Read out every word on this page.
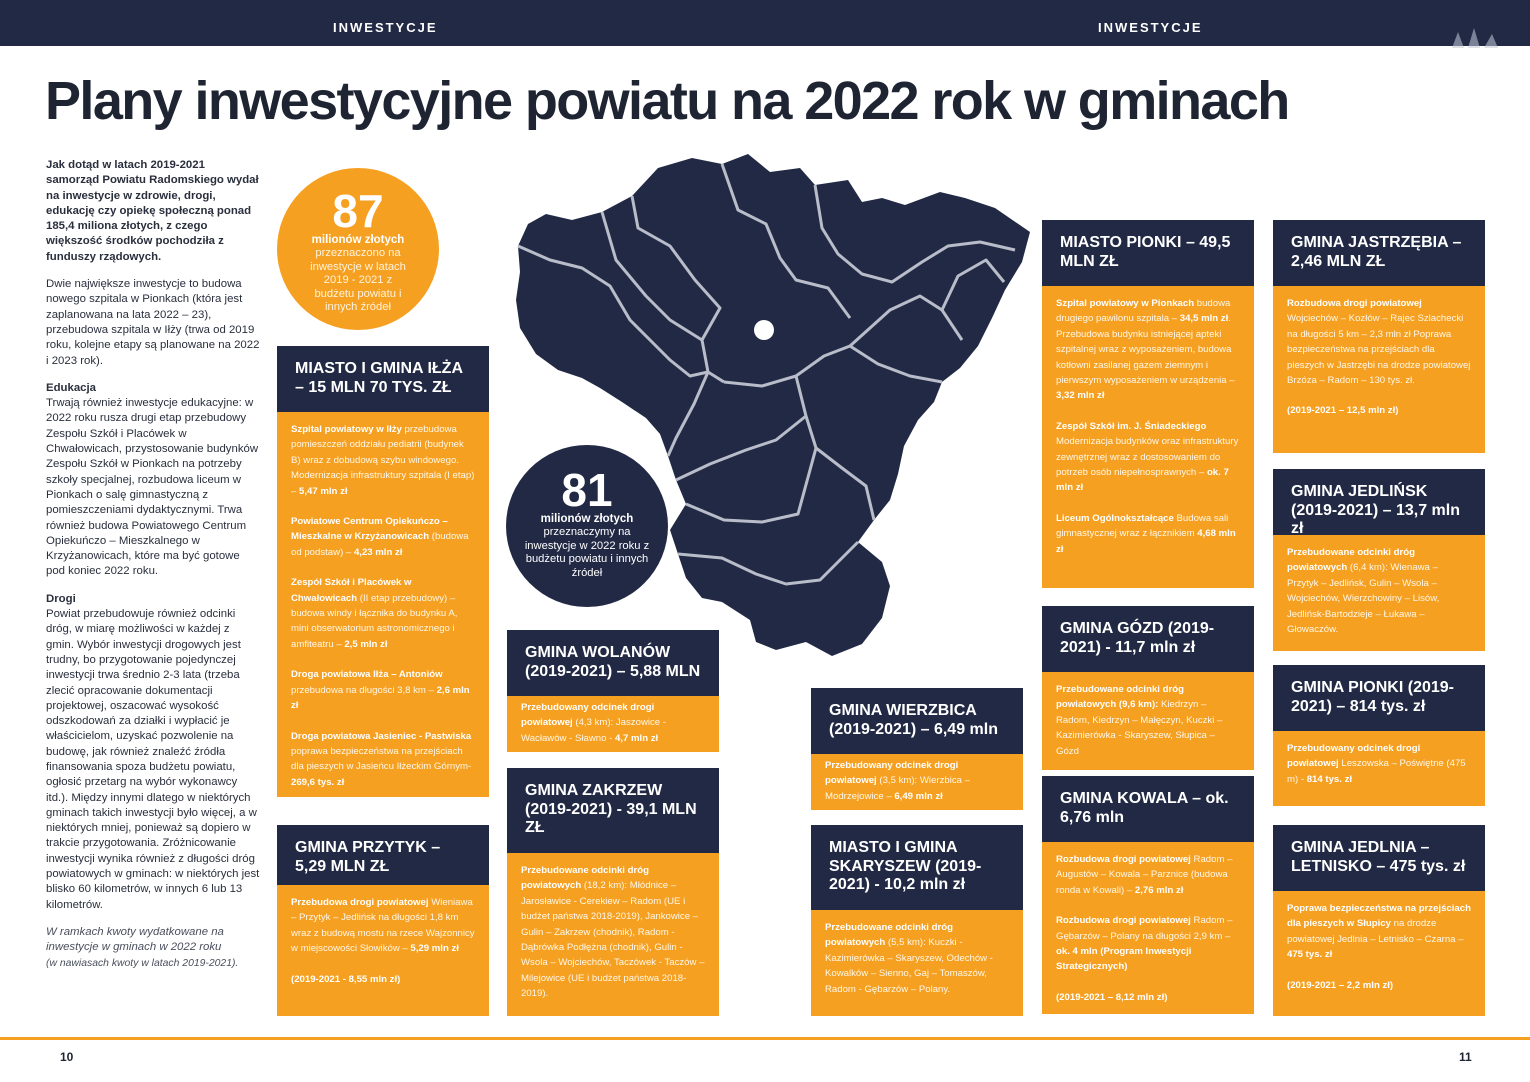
INWESTYCJE	INWESTYCJE
Plany inwestycyjne powiatu na 2022 rok w gminach

Jak dotąd w latach 2019-2021 samorząd Powiatu Radomskiego wydał na inwestycje w zdrowie, drogi, edukację czy opiekę społeczną ponad 185,4 miliona złotych, z czego większość środków pochodziła z funduszy rządowych.

Dwie największe inwestycje to budowa nowego szpitala w Pionkach (która jest zaplanowana na lata 2022 – 23), przebudowa szpitala w Iłży (trwa od 2019 roku, kolejne etapy są planowane na 2022 i 2023 rok).

Edukacja

Trwają również inwestycje edukacyjne: w 2022 roku rusza drugi etap przebudowy Zespołu Szkół i Placówek w Chwałowicach, przystosowanie budynków Zespołu Szkół w Pionkach na potrzeby szkoły specjalnej, rozbudowa liceum w Pionkach o salę gimnastyczną z pomieszczeniami dydaktycznymi. Trwa również budowa Powiatowego Centrum Opiekuńczo – Mieszkalnego w Krzyżanowicach, które ma być gotowe pod koniec 2022 roku.

Drogi

Powiat przebudowuje również odcinki dróg, w miarę możliwości w każdej z gmin. Wybór inwestycji drogowych jest trudny, bo przygotowanie pojedynczej inwestycji trwa średnio 2-3 lata (trzeba zlecić opracowanie dokumentacji projektowej, oszacować wysokość odszkodowań za działki i wypłacić je właścicielom, uzyskać pozwolenie na budowę, jak również znaleźć źródła finansowania spoza budżetu powiatu, ogłosić przetarg na wybór wykonawcy itd.). Między innymi dlatego w niektórych gminach takich inwestycji było więcej, a w niektórych mniej, ponieważ są dopiero w trakcie przygotowania. Zróżnicowanie inwestycji wynika również z długości dróg powiatowych w gminach: w niektórych jest blisko 60 kilometrów, w innych 6 lub 13 kilometrów.

W ramkach kwoty wydatkowane na inwestycje w gminach w 2022 roku

(w nawiasach kwoty w latach 2019-2021).

87
milionów złotych
przeznaczono na inwestycje w latach 2019 - 2021 z budżetu powiatu i innych źródeł
81
milionów złotych
przeznaczymy na inwestycje w 2022 roku z budżetu powiatu i innych źródeł
MIASTO I GMINA IŁŻA – 15 MLN 70 TYS. ZŁ

Szpital powiatowy w Iłży przebudowa pomieszczeń oddziału pediatrii (budynek B) wraz z dobudową szybu windowego. Modernizacja infrastruktury szpitala (I etap) – 5,47 mln zł

Powiatowe Centrum Opiekuńczo – Mieszkalne w Krzyżanowicach (budowa od podstaw) – 4,23 mln zł

Zespół Szkół i Placówek w Chwałowicach (II etap przebudowy) – budowa windy i łącznika do budynku A, mini obserwatorium astronomicznego i amfiteatru – 2,5 mln zł

Droga powiatowa Iłża – Antoniów przebudowa na długości 3,8 km – 2,6 mln zł

Droga powiatowa Jasieniec - Pastwiska poprawa bezpieczeństwa na przejściach dla pieszych w Jasieńcu Iłżeckim Górnym- 269,6 tys. zł

GMINA PRZYTYK – 5,29 MLN ZŁ

Przebudowa drogi powiatowej Wieniawa – Przytyk – Jedlińsk na długości 1,8 km wraz z budową mostu na rzece Wajzonnicy w miejscowości Słowików – 5,29 mln zł

(2019-2021 - 8,55 mln zł)

GMINA WOLANÓW (2019-2021) – 5,88 MLN

Przebudowany odcinek drogi powiatowej (4,3 km): Jaszowice - Wacławów - Sławno - 4,7 mln zł

GMINA ZAKRZEW (2019-2021) - 39,1 MLN ZŁ

Przebudowane odcinki dróg powiatowych (18,2 km): Młódnice – Jarosławice - Cerekiew – Radom (UE i budżet państwa 2018-2019), Jankowice – Gulin – Zakrzew (chodnik), Radom - Dąbrówka Podłężna (chodnik), Gulin - Wsola – Wojciechów, Taczówek - Taczów – Milejowice (UE i budżet państwa 2018-2019).

GMINA WIERZBICA (2019-2021) – 6,49 mln

Przebudowany odcinek drogi powiatowej (3,5 km): Wierzbica – Modrzejowice – 6,49 mln zł

MIASTO I GMINA SKARYSZEW (2019-2021) - 10,2 mln zł

Przebudowane odcinki dróg powiatowych (5,5 km): Kuczki - Kazimierówka – Skaryszew, Odechów - Kowalków – Sienno, Gaj – Tomaszów, Radom - Gębarzów – Polany.

MIASTO PIONKI – 49,5 MLN ZŁ

Szpital powiatowy w Pionkach budowa drugiego pawilonu szpitala – 34,5 mln zł. Przebudowa budynku istniejącej apteki szpitalnej wraz z wyposażeniem, budowa kotłowni zasilanej gazem ziemnym i pierwszym wyposażeniem w urządzenia – 3,32 mln zł

Zespół Szkół im. J. Śniadeckiego Modernizacja budynków oraz infrastruktury zewnętrznej wraz z dostosowaniem do potrzeb osób niepełnosprawnych – ok. 7 mln zł

Liceum Ogólnokształcące Budowa sali gimnastycznej wraz z łącznikiem 4,68 mln zł

GMINA GÓZD (2019-2021) - 11,7 mln zł

Przebudowane odcinki dróg powiatowych (9,6 km): Kiedrzyn – Radom, Kiedrzyn – Małęczyn, Kuczki – Kazimierówka - Skaryszew, Słupica – Gózd

GMINA KOWALA – ok. 6,76 mln

Rozbudowa drogi powiatowej Radom – Augustów – Kowala – Parznice (budowa ronda w Kowali) – 2,76 mln zł

Rozbudowa drogi powiatowej Radom – Gębarzów – Polany na długości 2,9 km – ok. 4 mln (Program Inwestycji Strategicznych)

(2019-2021 – 8,12 mln zł)

GMINA JASTRZĘBIA – 2,46 MLN ZŁ

Rozbudowa drogi powiatowej Wojciechów – Kozłów – Rajec Szlachecki na długości 5 km – 2,3 mln zł Poprawa bezpieczeństwa na przejściach dla pieszych w Jastrzębi na drodze powiatowej Brzóza – Radom – 130 tys. zł.

(2019-2021 – 12,5 mln zł)

GMINA JEDLIŃSK (2019-2021) – 13,7 mln zł

Przebudowane odcinki dróg powiatowych (6,4 km): Wienawa – Przytyk – Jedlińsk, Gulin – Wsola – Wojciechów, Wierzchowiny – Lisów, Jedlińsk-Bartodzieje – Łukawa – Głowaczów.

GMINA PIONKI (2019-2021) – 814 tys. zł

Przebudowany odcinek drogi powiatowej Leszowska – Poświętne (475 m) - 814 tys. zł

GMINA JEDLNIA – LETNISKO – 475 tys. zł

Poprawa bezpieczeństwa na przejściach dla pieszych w Słupicy na drodze powiatowej Jedlnia – Letnisko – Czarna – 475 tys. zł

(2019-2021 – 2,2 mln zł)

10	11
